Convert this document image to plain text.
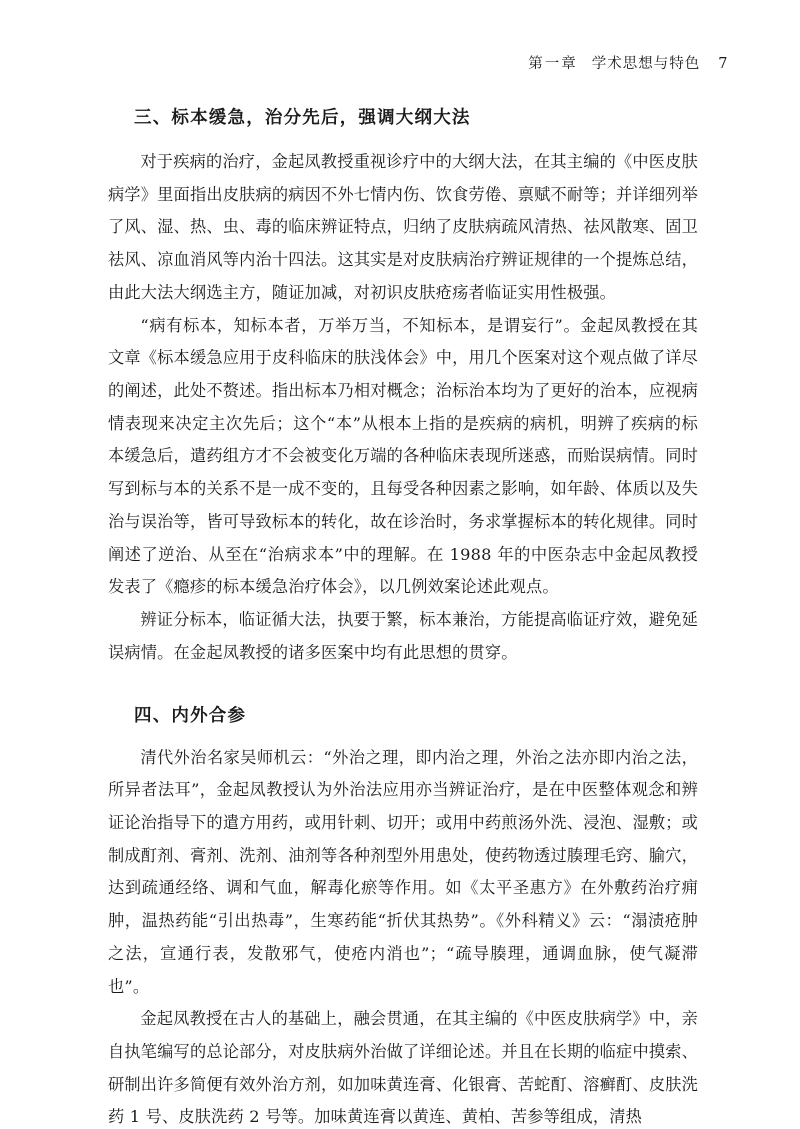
第一章 学术思想与特色 7
三、标本缓急，治分先后，强调大纲大法

对于疾病的治疗，金起凤教授重视诊疗中的大纲大法，在其主编的《中医皮肤病学》里面指出皮肤病的病因不外七情内伤、饮食劳倦、禀赋不耐等；并详细列举了风、湿、热、虫、毒的临床辨证特点，归纳了皮肤病疏风清热、祛风散寒、固卫祛风、凉血消风等内治十四法。这其实是对皮肤病治疗辨证规律的一个提炼总结，由此大法大纲选主方，随证加减，对初识皮肤疮疡者临证实用性极强。

“病有标本，知标本者，万举万当，不知标本，是谓妄行”。金起凤教授在其文章《标本缓急应用于皮科临床的肤浅体会》中，用几个医案对这个观点做了详尽的阐述，此处不赘述。指出标本乃相对概念；治标治本均为了更好的治本，应视病情表现来决定主次先后；这个“本”从根本上指的是疾病的病机，明辨了疾病的标本缓急后，遣药组方才不会被变化万端的各种临床表现所迷惑，而贻误病情。同时写到标与本的关系不是一成不变的，且每受各种因素之影响，如年龄、体质以及失治与误治等，皆可导致标本的转化，故在诊治时，务求掌握标本的转化规律。同时阐述了逆治、从至在“治病求本”中的理解。在 1988 年的中医杂志中金起凤教授发表了《瘾疹的标本缓急治疗体会》，以几例效案论述此观点。

辨证分标本，临证循大法，执要于繁，标本兼治，方能提高临证疗效，避免延误病情。在金起凤教授的诸多医案中均有此思想的贯穿。

四、内外合参

清代外治名家吴师机云：“外治之理，即内治之理，外治之法亦即内治之法，所异者法耳”，金起凤教授认为外治法应用亦当辨证治疗，是在中医整体观念和辨证论治指导下的遣方用药，或用针刺、切开；或用中药煎汤外洗、浸泡、湿敷；或制成酊剂、膏剂、洗剂、油剂等各种剂型外用患处，使药物透过腠理毛窍、腧穴，达到疏通经络、调和气血，解毒化瘀等作用。如《太平圣惠方》在外敷药治疗痈肿，温热药能“引出热毒”，生寒药能“折伏其热势”。《外科精义》云：“溻渍疮肿之法，宣通行表，发散邪气，使疮内消也”；“疏导腠理，通调血脉，使气凝滞也”。

金起凤教授在古人的基础上，融会贯通，在其主编的《中医皮肤病学》中，亲自执笔编写的总论部分，对皮肤病外治做了详细论述。并且在长期的临症中摸索、研制出许多简便有效外治方剂，如加味黄连膏、化银膏、苦蛇酊、溶癣酊、皮肤洗药 1 号、皮肤洗药 2 号等。加味黄连膏以黄连、黄柏、苦参等组成，清热
